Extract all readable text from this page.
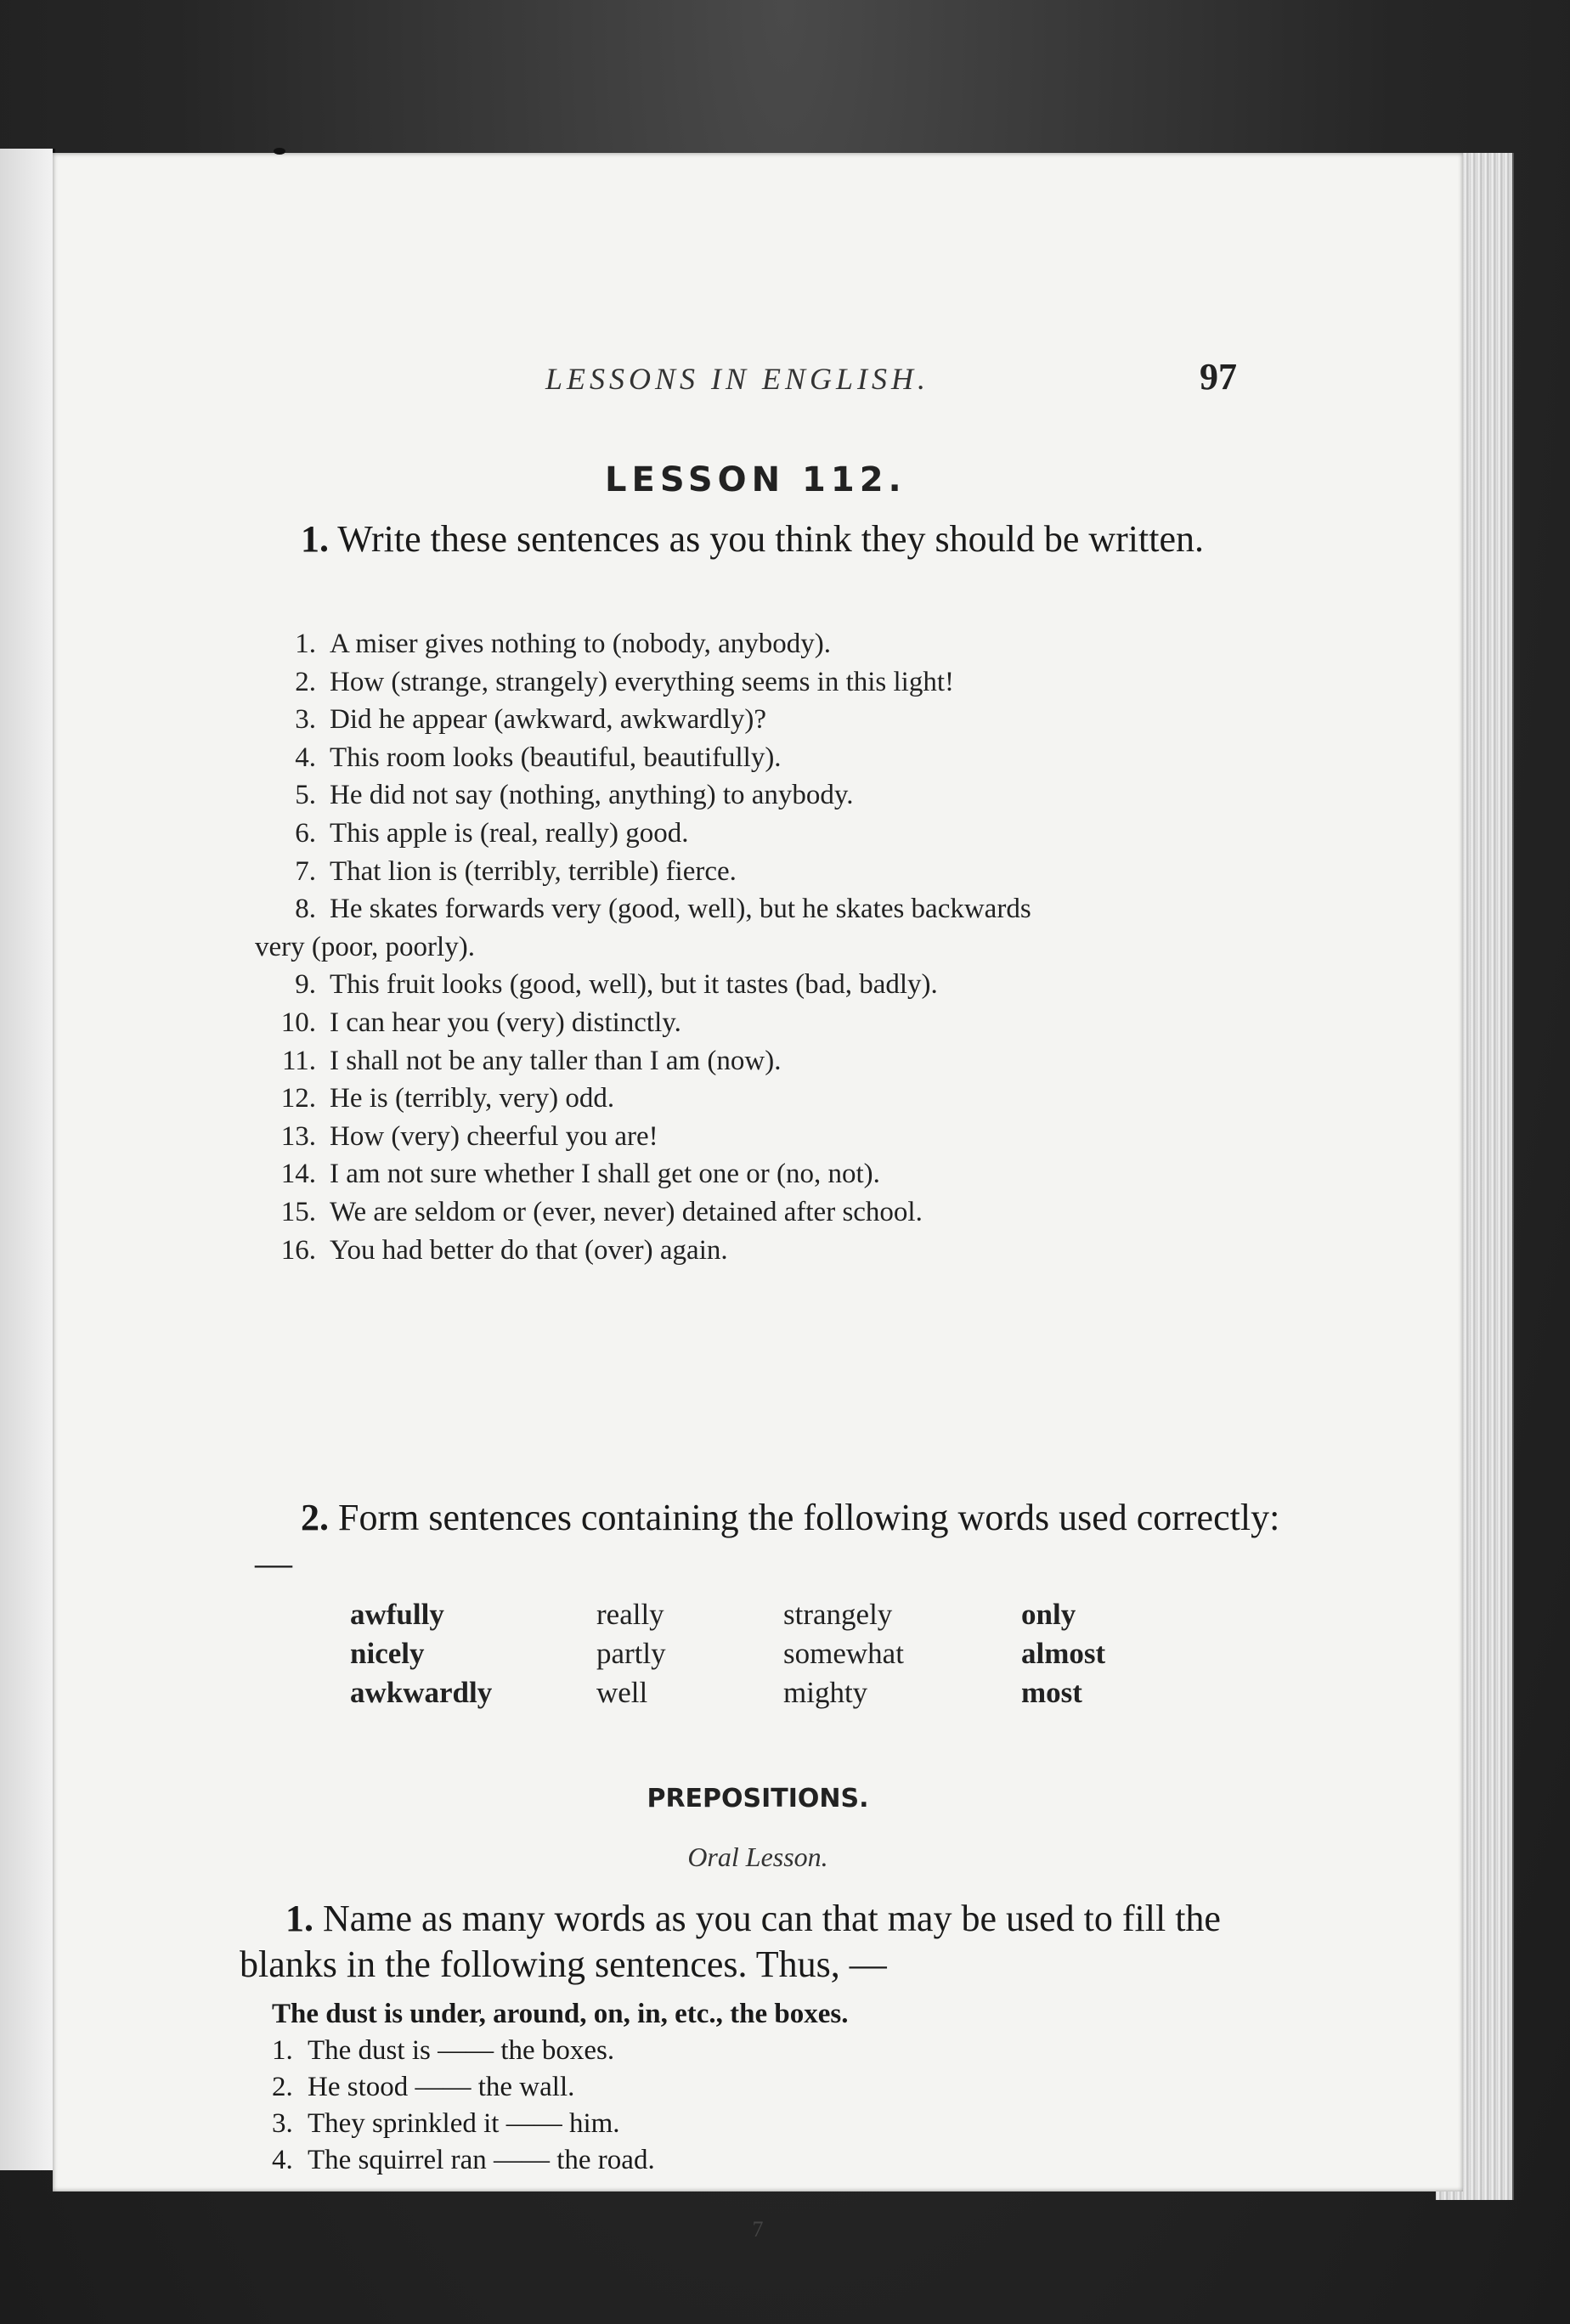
LESSONS IN ENGLISH.	97
LESSON 112.
1. Write these sentences as you think they should be written.
1. A miser gives nothing to (nobody, anybody).
2. How (strange, strangely) everything seems in this light!
3. Did he appear (awkward, awkwardly)?
4. This room looks (beautiful, beautifully).
5. He did not say (nothing, anything) to anybody.
6. This apple is (real, really) good.
7. That lion is (terribly, terrible) fierce.
8. He skates forwards very (good, well), but he skates backwards
very (poor, poorly).
9. This fruit looks (good, well), but it tastes (bad, badly).
10. I can hear you (very) distinctly.
11. I shall not be any taller than I am (now).
12. He is (terribly, very) odd.
13. How (very) cheerful you are!
14. I am not sure whether I shall get one or (no, not).
15. We are seldom or (ever, never) detained after school.
16. You had better do that (over) again.
2. Form sentences containing the following words used correctly: —
awfully	really	strangely	only
nicely	partly	somewhat	almost
awkwardly	well	mighty	most
PREPOSITIONS.
Oral Lesson.
1. Name as many words as you can that may be used to fill the blanks in the following sentences. Thus, —
The dust is under, around, on, in, etc., the boxes.
1. The dust is —— the boxes.
2. He stood —— the wall.
3. They sprinkled it —— him.
4. The squirrel ran —— the road.
7
